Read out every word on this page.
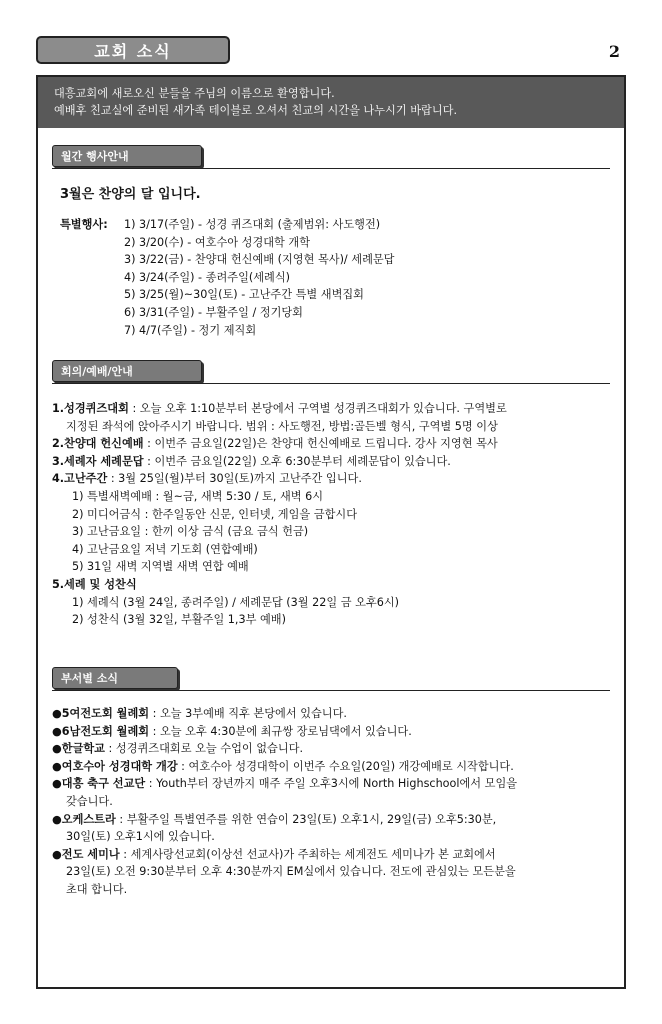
교회 소식	2
대흥교회에 새로오신 분들을 주님의 이름으로 환영합니다.
예배후 친교실에 준비된 새가족 테이블로 오셔서 친교의 시간을 나누시기 바랍니다.
월간 행사안내
3월은 찬양의 달 입니다.
특별행사: 1) 3/17(주일) - 성경 퀴즈대회 (출제범위: 사도행전)
2) 3/20(수) - 여호수아 성경대학 개학
3) 3/22(금) - 찬양대 헌신예배 (지영현 목사)/ 세례문답
4) 3/24(주일) - 종려주일(세례식)
5) 3/25(월)~30일(토) - 고난주간 특별 새벽집회
6) 3/31(주일) - 부활주일 / 정기당회
7) 4/7(주일) - 정기 제직회
회의/예배/안내
1.성경퀴즈대회 : 오늘 오후 1:10분부터 본당에서 구역별 성경퀴즈대회가 있습니다. 구역별로
지정된 좌석에 앉아주시기 바랍니다. 범위 : 사도행전, 방법:골든벨 형식, 구역별 5명 이상
2.찬양대 헌신예배 : 이번주 금요일(22일)은 찬양대 헌신예배로 드립니다. 강사 지영현 목사
3.세례자 세례문답 : 이번주 금요일(22일) 오후 6:30분부터 세례문답이 있습니다.
4.고난주간 : 3월 25일(월)부터 30일(토)까지 고난주간 입니다.
1) 특별새벽예배 : 월~금, 새벽 5:30 / 토, 새벽 6시
2) 미디어금식 : 한주일동안 신문, 인터넷, 게임을 금합시다
3) 고난금요일 : 한끼 이상 금식 (금요 금식 헌금)
4) 고난금요일 저녁 기도회 (연합예배)
5) 31일 새벽 지역별 새벽 연합 예배
5.세례 및 성찬식
1) 세례식 (3월 24일, 종려주일) / 세례문답 (3월 22일 금 오후6시)
2) 성찬식 (3월 32일, 부활주일 1,3부 예배)
부서별 소식
●5여전도회 월례회 : 오늘 3부예배 직후 본당에서 있습니다.
●6남전도회 월례회 : 오늘 오후 4:30분에 최규쌍 장로님댁에서 있습니다.
●한글학교 : 성경퀴즈대회로 오늘 수업이 없습니다.
●여호수아 성경대학 개강 : 여호수아 성경대학이 이번주 수요일(20일) 개강예배로 시작합니다.
●대흥 축구 선교단 : Youth부터 장년까지 매주 주일 오후3시에 North Highschool에서 모임을
갖습니다.
●오케스트라 : 부활주일 특별연주를 위한 연습이 23일(토) 오후1시, 29일(금) 오후5:30분,
30일(토) 오후1시에 있습니다.
●전도 세미나 : 세계사랑선교회(이상선 선교사)가 주최하는 세계전도 세미나가 본 교회에서
23일(토) 오전 9:30분부터 오후 4:30분까지 EM실에서 있습니다. 전도에 관심있는 모든분을
초대 합니다.
